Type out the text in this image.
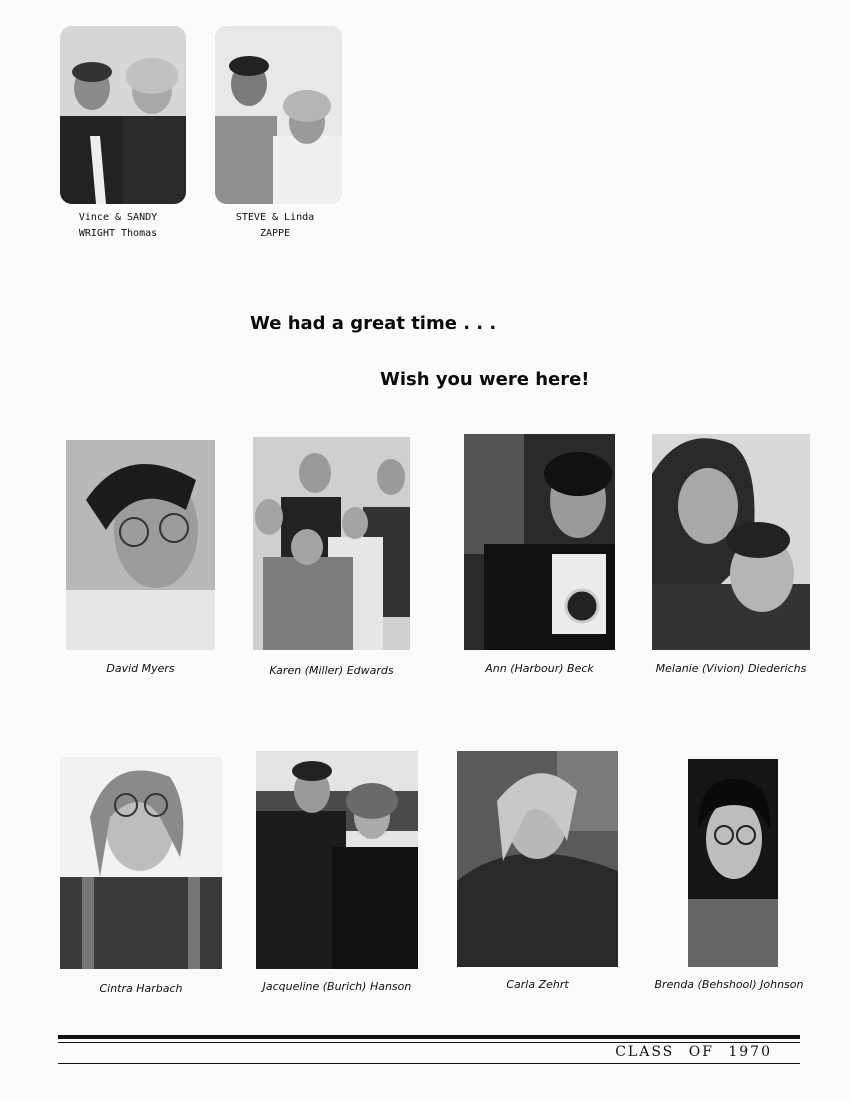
Vince & SANDY
WRIGHT Thomas
STEVE & Linda
ZAPPE
We had a great time . . .
Wish you were here!
David Myers	Karen (Miller) Edwards	Ann (Harbour) Beck	Melanie (Vivion) Diederichs
Cintra Harbach	Jacqueline (Burich) Hanson	Carla Zehrt	Brenda (Behshool) Johnson
CLASS OF 1970
